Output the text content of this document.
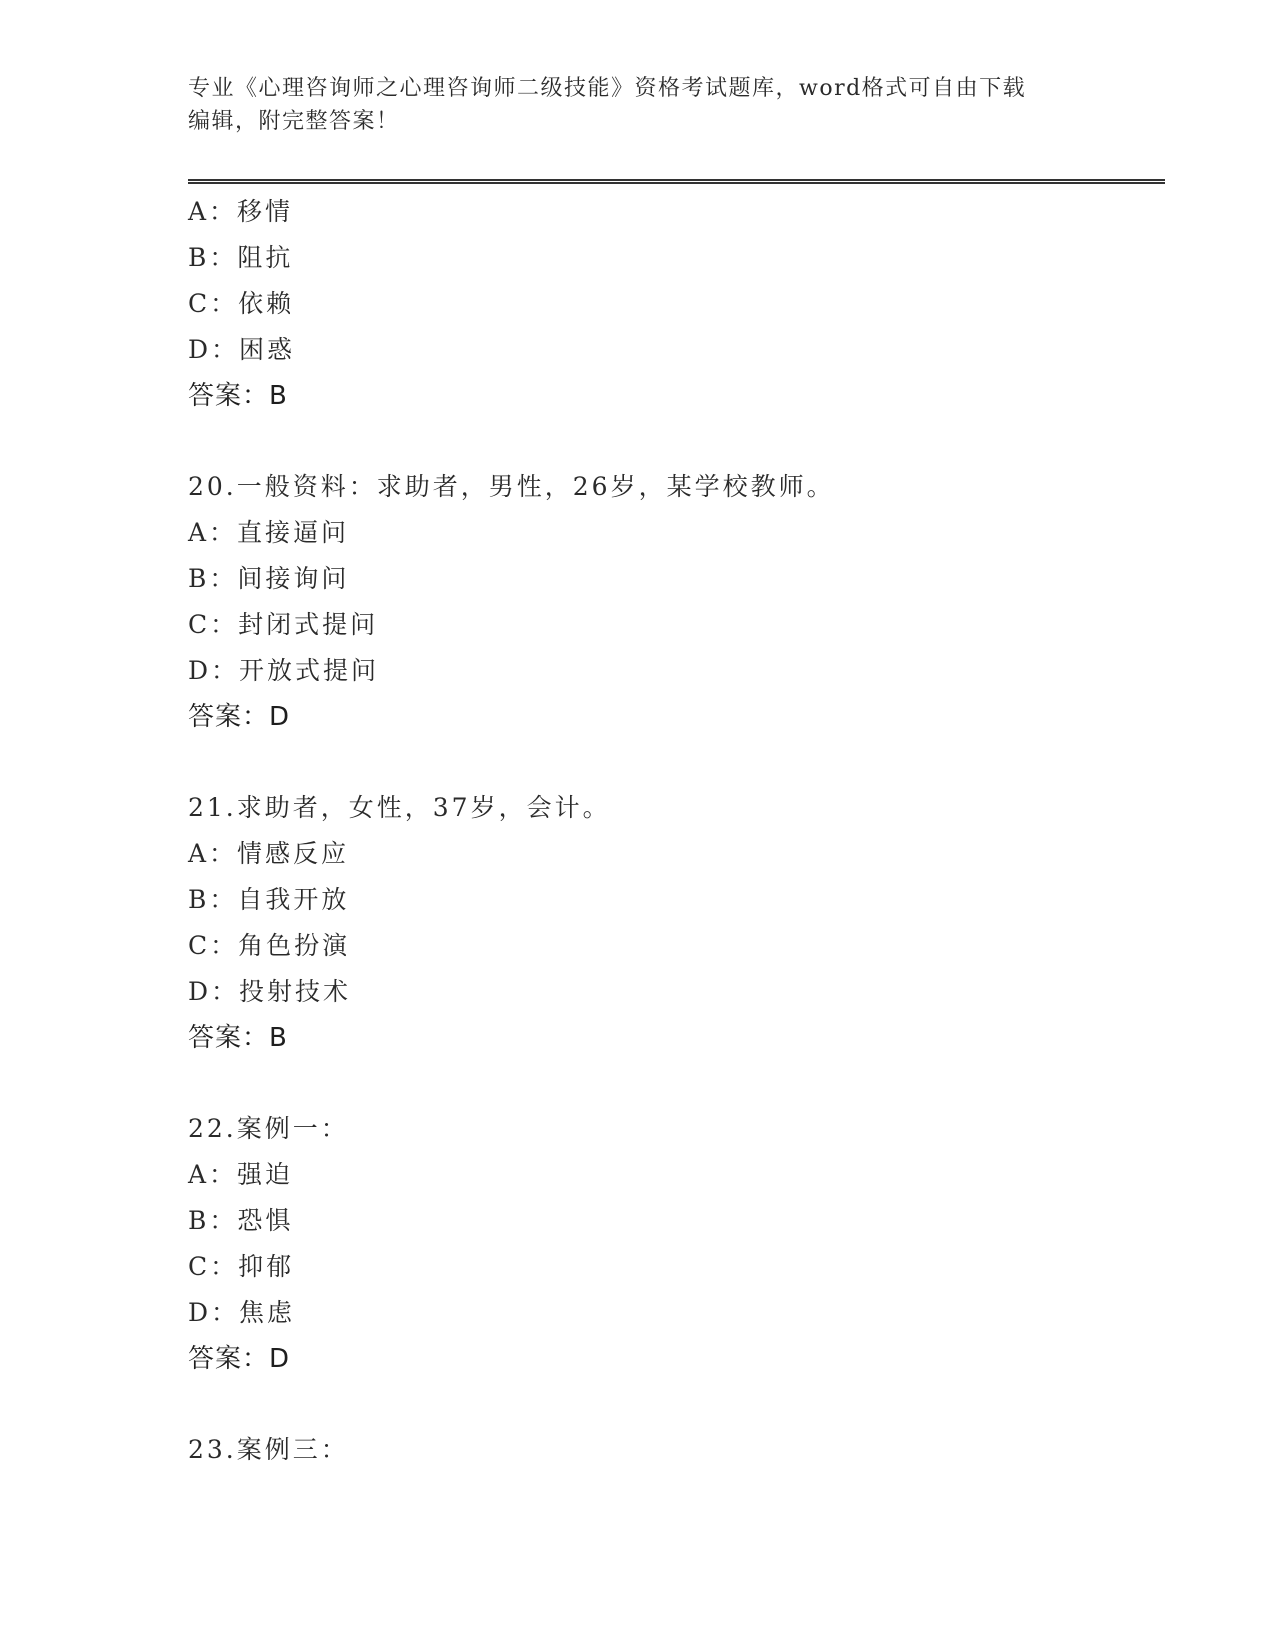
专业《心理咨询师之心理咨询师二级技能》资格考试题库，word格式可自由下载
编辑，附完整答案！
A：移情
B：阻抗
C：依赖
D：困惑
答案：B
20.一般资料：求助者，男性，26岁，某学校教师。
A：直接逼问
B：间接询问
C：封闭式提问
D：开放式提问
答案：D
21.求助者，女性，37岁，会计。
A：情感反应
B：自我开放
C：角色扮演
D：投射技术
答案：B
22.案例一：
A：强迫
B：恐惧
C：抑郁
D：焦虑
答案：D
23.案例三：
